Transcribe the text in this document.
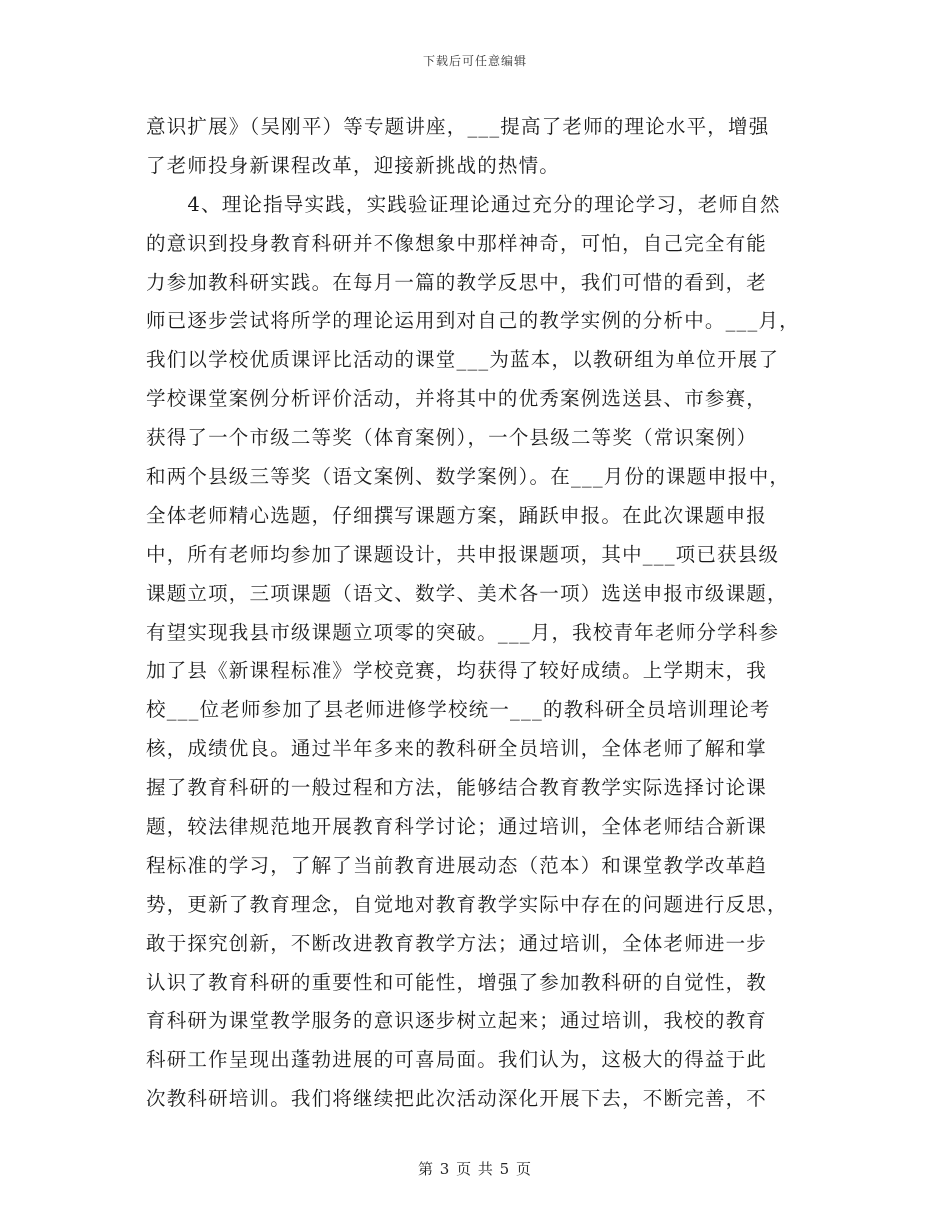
下载后可任意编辑
意识扩展》（吴刚平）等专题讲座，___提高了老师的理论水平，增强
了老师投身新课程改革，迎接新挑战的热情。
　　4、理论指导实践，实践验证理论通过充分的理论学习，老师自然
的意识到投身教育科研并不像想象中那样神奇，可怕，自己完全有能
力参加教科研实践。在每月一篇的教学反思中，我们可惜的看到，老
师已逐步尝试将所学的理论运用到对自己的教学实例的分析中。___月，
我们以学校优质课评比活动的课堂___为蓝本，以教研组为单位开展了
学校课堂案例分析评价活动，并将其中的优秀案例选送县、市参赛，
获得了一个市级二等奖（体育案例），一个县级二等奖（常识案例）
和两个县级三等奖（语文案例、数学案例）。在___月份的课题申报中，
全体老师精心选题，仔细撰写课题方案，踊跃申报。在此次课题申报
中，所有老师均参加了课题设计，共申报课题项，其中___项已获县级
课题立项，三项课题（语文、数学、美术各一项）选送申报市级课题，
有望实现我县市级课题立项零的突破。___月，我校青年老师分学科参
加了县《新课程标准》学校竞赛，均获得了较好成绩。上学期末，我
校___位老师参加了县老师进修学校统一___的教科研全员培训理论考
核，成绩优良。通过半年多来的教科研全员培训，全体老师了解和掌
握了教育科研的一般过程和方法，能够结合教育教学实际选择讨论课
题，较法律规范地开展教育科学讨论；通过培训，全体老师结合新课
程标准的学习，了解了当前教育进展动态（范本）和课堂教学改革趋
势，更新了教育理念，自觉地对教育教学实际中存在的问题进行反思，
敢于探究创新，不断改进教育教学方法；通过培训，全体老师进一步
认识了教育科研的重要性和可能性，增强了参加教科研的自觉性，教
育科研为课堂教学服务的意识逐步树立起来；通过培训，我校的教育
科研工作呈现出蓬勃进展的可喜局面。我们认为，这极大的得益于此
次教科研培训。我们将继续把此次活动深化开展下去，不断完善，不
第 3 页 共 5 页
